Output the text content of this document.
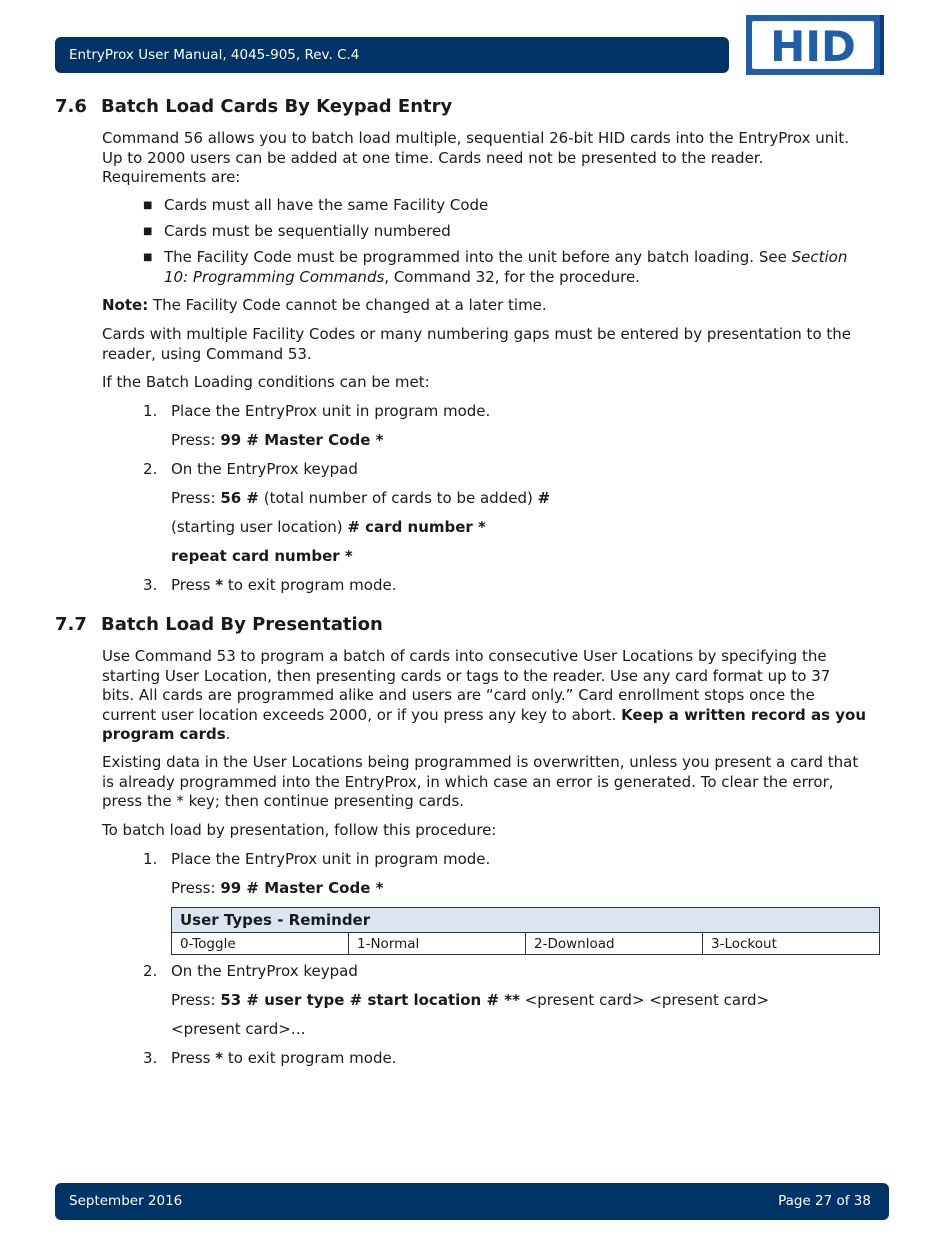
EntryProx User Manual, 4045-905, Rev. C.4	HID
7.6 Batch Load Cards By Keypad Entry
Command 56 allows you to batch load multiple, sequential 26-bit HID cards into the EntryProx unit.
Up to 2000 users can be added at one time. Cards need not be presented to the reader.
Requirements are:
■ Cards must all have the same Facility Code
■ Cards must be sequentially numbered
■ The Facility Code must be programmed into the unit before any batch loading. See Section
10: Programming Commands, Command 32, for the procedure.
Note: The Facility Code cannot be changed at a later time.
Cards with multiple Facility Codes or many numbering gaps must be entered by presentation to the
reader, using Command 53.
If the Batch Loading conditions can be met:
1. Place the EntryProx unit in program mode.
Press: 99 # Master Code *
2. On the EntryProx keypad
Press: 56 # (total number of cards to be added) #
(starting user location) # card number *
repeat card number *
3. Press * to exit program mode.
7.7 Batch Load By Presentation
Use Command 53 to program a batch of cards into consecutive User Locations by specifying the
starting User Location, then presenting cards or tags to the reader. Use any card format up to 37
bits. All cards are programmed alike and users are “card only.” Card enrollment stops once the
current user location exceeds 2000, or if you press any key to abort. Keep a written record as you
program cards.
Existing data in the User Locations being programmed is overwritten, unless you present a card that
is already programmed into the EntryProx, in which case an error is generated. To clear the error,
press the * key; then continue presenting cards.
To batch load by presentation, follow this procedure:
1. Place the EntryProx unit in program mode.
Press: 99 # Master Code *
User Types - Reminder
0-Toggle	1-Normal	2-Download	3-Lockout
2. On the EntryProx keypad
Press: 53 # user type # start location # ** <present card> <present card>
<present card>…
3. Press * to exit program mode.
September 2016	Page 27 of 38
